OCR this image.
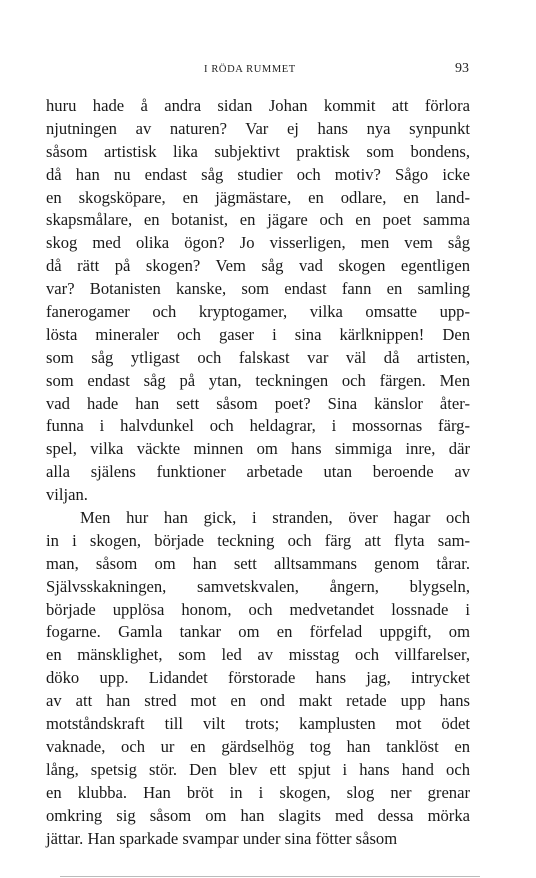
I RÖDA RUMMET	93
huru hade å andra sidan Johan kommit att förlora
njutningen av naturen? Var ej hans nya synpunkt
såsom artistisk lika subjektivt praktisk som bondens,
då han nu endast såg studier och motiv? Sågo icke
en skogsköpare, en jägmästare, en odlare, en land-
skapsmålare, en botanist, en jägare och en poet samma
skog med olika ögon? Jo visserligen, men vem såg
då rätt på skogen? Vem såg vad skogen egentligen
var? Botanisten kanske, som endast fann en samling
fanerogamer och kryptogamer, vilka omsatte upp-
lösta mineraler och gaser i sina kärlknippen! Den
som såg ytligast och falskast var väl då artisten,
som endast såg på ytan, teckningen och färgen. Men
vad hade han sett såsom poet? Sina känslor åter-
funna i halvdunkel och heldagrar, i mossornas färg-
spel, vilka väckte minnen om hans simmiga inre, där
alla själens funktioner arbetade utan beroende av
viljan.
Men hur han gick, i stranden, över hagar och
in i skogen, började teckning och färg att flyta sam-
man, såsom om han sett alltsammans genom tårar.
Självsskakningen, samvetskvalen, ångern, blygseln,
började upplösa honom, och medvetandet lossnade i
fogarne. Gamla tankar om en förfelad uppgift, om
en mänsklighet, som led av misstag och villfarelser,
döko upp. Lidandet förstorade hans jag, intrycket
av att han stred mot en ond makt retade upp hans
motståndskraft till vilt trots; kamplusten mot ödet
vaknade, och ur en gärdselhög tog han tanklöst en
lång, spetsig stör. Den blev ett spjut i hans hand och
en klubba. Han bröt in i skogen, slog ner grenar
omkring sig såsom om han slagits med dessa mörka
jättar. Han sparkade svampar under sina fötter såsom
